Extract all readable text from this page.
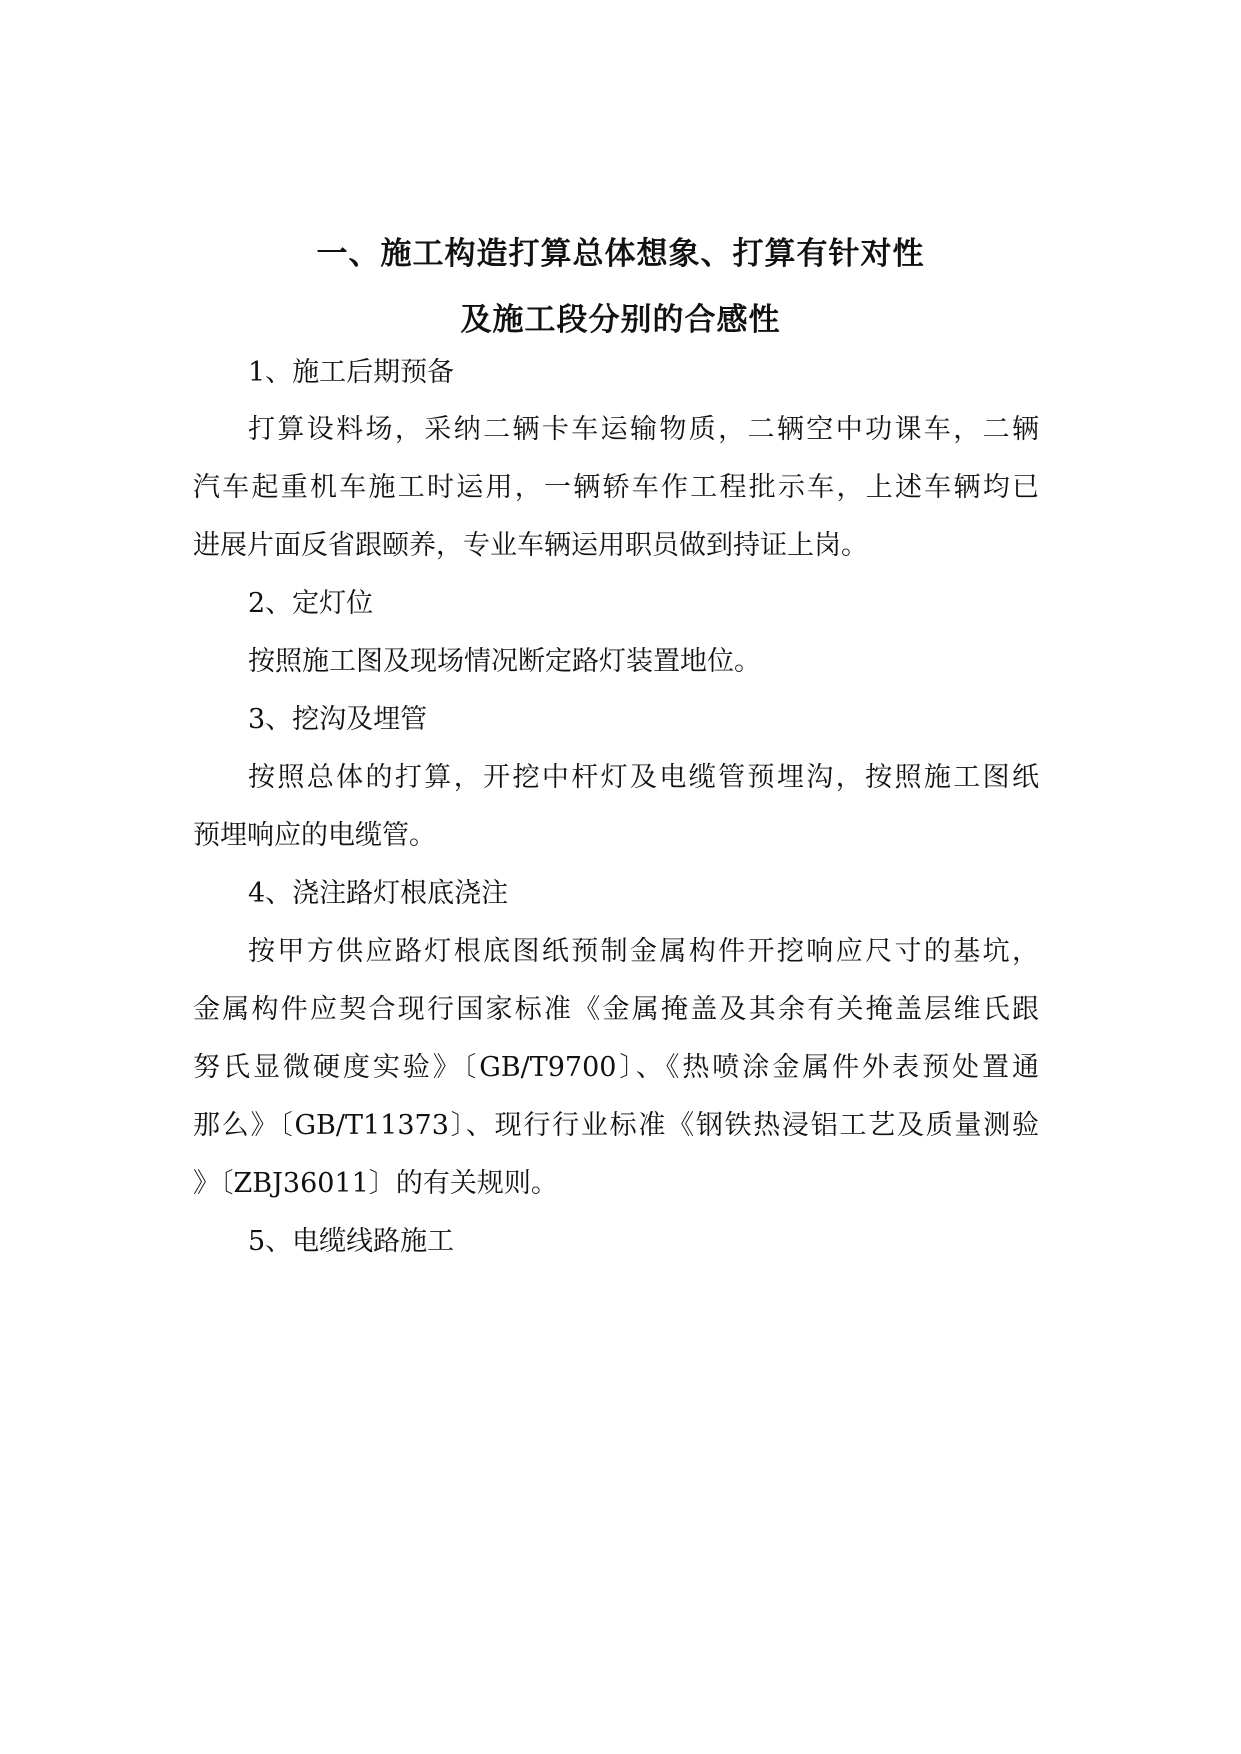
一、施工构造打算总体想象、打算有针对性
及施工段分别的合感性
1、施工后期预备
打算设料场，采纳二辆卡车运输物质，二辆空中功课车，二辆
汽车起重机车施工时运用，一辆轿车作工程批示车，上述车辆均已
进展片面反省跟颐养，专业车辆运用职员做到持证上岗。
2、定灯位
按照施工图及现场情况断定路灯装置地位。
3、挖沟及埋管
按照总体的打算，开挖中杆灯及电缆管预埋沟，按照施工图纸
预埋响应的电缆管。
4、浇注路灯根底浇注
按甲方供应路灯根底图纸预制金属构件开挖响应尺寸的基坑，
金属构件应契合现行国家标准《金属掩盖及其余有关掩盖层维氏跟
努氏显微硬度实验》〔GB/T9700〕、《热喷涂金属件外表预处置通
那么》〔GB/T11373〕、现行行业标准《钢铁热浸铝工艺及质量测验
》〔ZBJ36011〕的有关规则。
5、电缆线路施工
